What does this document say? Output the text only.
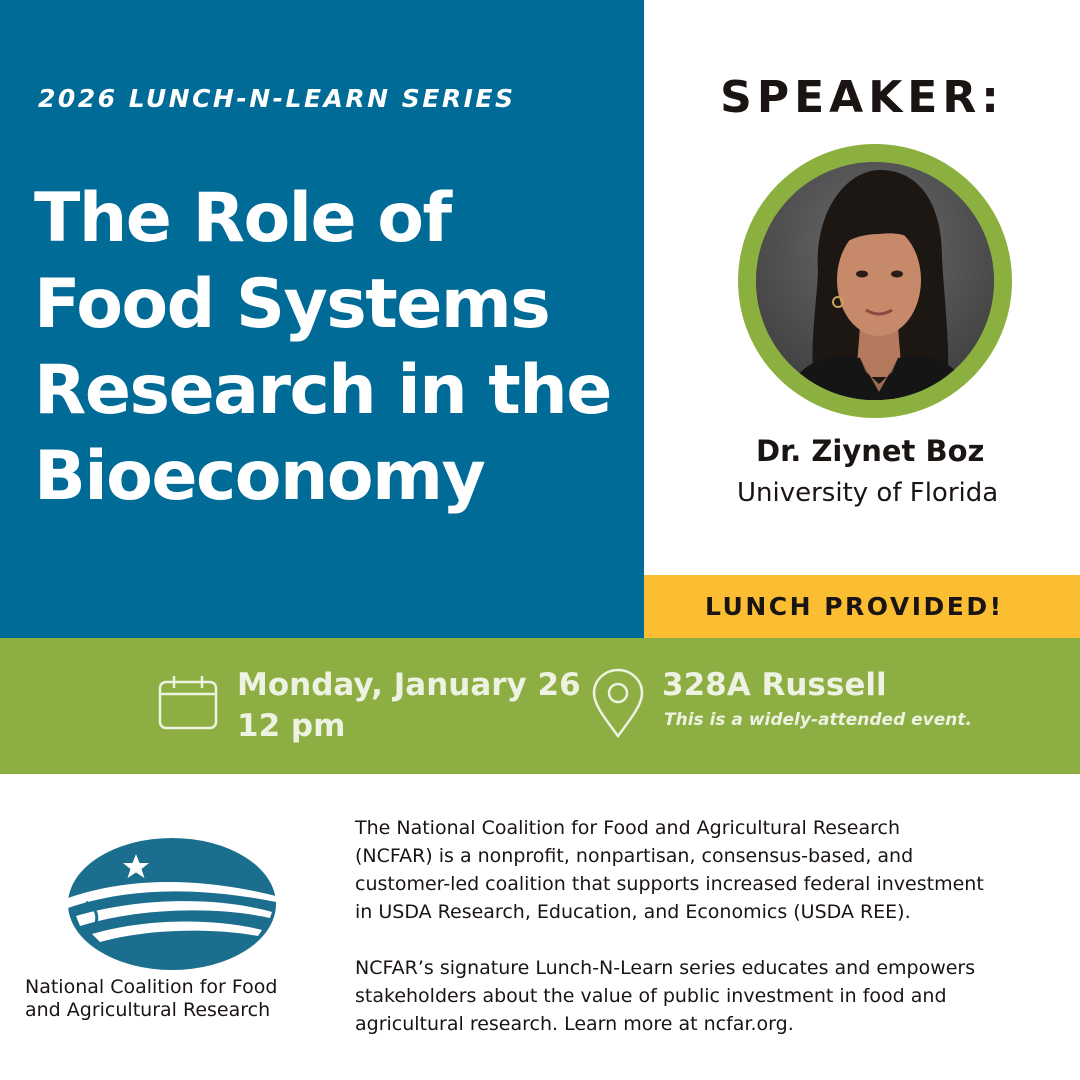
2026 LUNCH-N-LEARN SERIES
The Role of
Food Systems
Research in the
Bioeconomy
SPEAKER:
Dr. Ziynet Boz
University of Florida
LUNCH PROVIDED!
Monday, January 26
12 pm
328A Russell
This is a widely-attended event.
National Coalition for Food
and Agricultural Research

The National Coalition for Food and Agricultural Research
(NCFAR) is a nonprofit, nonpartisan, consensus-based, and
customer-led coalition that supports increased federal investment
in USDA Research, Education, and Economics (USDA REE).

NCFAR’s signature Lunch-N-Learn series educates and empowers
stakeholders about the value of public investment in food and
agricultural research. Learn more at ncfar.org.
